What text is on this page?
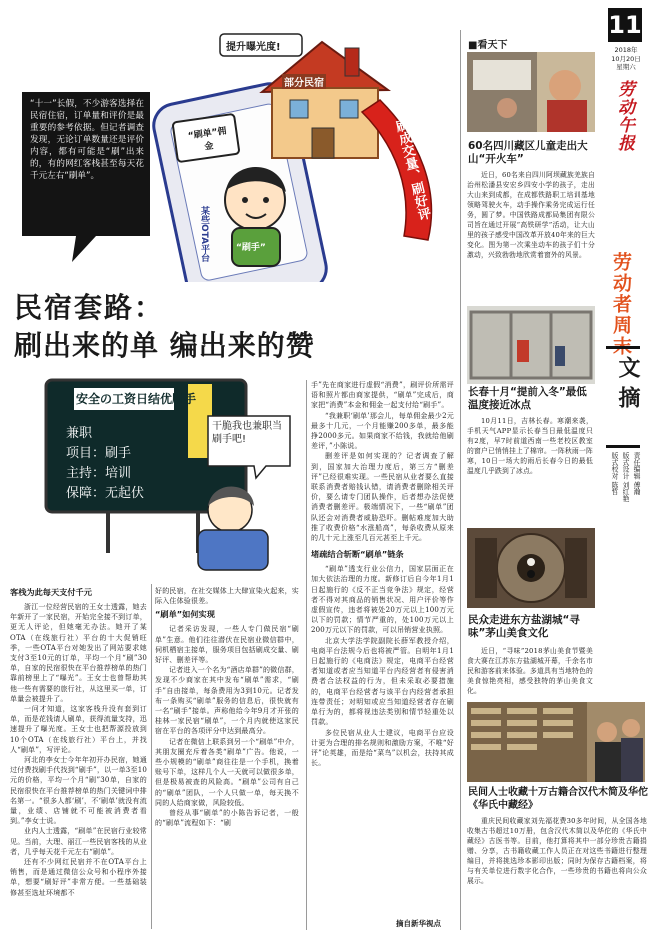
提升曝光度!
部分民宿
刷成交量、刷好评
“刷单”佣金
某些OTA平台	“刷手”
“十一”长假，不少游客选择在民宿住宿，订单量和评价是最重要的参考依据。但记者调查发现，无论订单数量还是评价内容，都有可能是“刷”出来的，有的网红客栈甚至每天花千元左右“刷单”。
民宿套路：
刷出来的单 编出来的赞
安全の工资日结优刷手
兼职
项目：刷手
主持：培训
保障：无起伏
干脆我也兼职当刷手吧!
客栈为此每天支付千元

浙江一位经营民宿的王女士透露，她去年新开了一家民宿，开始完全接不到订单，更无人评论，但她毫无办法。她开了某OTA（在线旅行社）平台的十大促销旺季，一些OTA平台对她发出了网站要求她支付3至10元的订单，平均一个月“刷”30单，自家的民宿很快在平台推荐榜单的热门靠前榜里上了“曝光”。王女士也曾帮助其他一些有需要的旅行社，从这里买一单，订单量会被提升了。

一问才知道，这家客栈升没有套到订单，而是花钱请人刷单，获得流量支持，迅速提升了曝光度。王女士也把帮源投放到10个OTA（在线旅行社）平台上，并找人“刷单”，写评论。

河北的李女士今年年初开办民宿，她通过付费找刷手代找到“刷手”，以一单3至10元的价格，平均一个月“刷”30单，自家的民宿很快在平台推荐榜单的热门关键词中排名第一。“很多人都‘刷’，不‘刷单’就没有流量，业绩、店铺就不可能被消费者看到。”李女士说。

业内人士透露，“刷单”在民宿行业较常见。当前，大理、丽江一些民宿客栈的从业者，几乎每天花千元左右“刷单”。

还有不少网红民宿并不在OTA平台上销售，而是通过微信公众号和小程序外接单，想要“刷好评”非常方便。一些基础装修甚至选址环境都不

好的民宿，在社交媒体上大肆宣染火起来，实际入住体验很差。

“刷单”如何实现

记者采访发现，一些人专门做民宿“刷单”生意。他们往往潜伏在民宿业微信群中，伺机栖宿主接单，服务项目包括刷成交量、刷好评、删差评等。

记者进入一个名为“酒店单群”的微信群，发现不少商家在其中发布“刷单”需求，“刷手”自由接单，每条费用为3到10元。记者发布一条购买“刷单”服务的信息后，很快就有一名“刷手”接单。声称他给今年9月才开张的桂林一家民宿“刷单”，一个月内就使这家民宿在平台的各项评分中达到最高分。

记者在微信上联系到另一个“刷单”中介，其朋友圈充斥着各类“刷单”广告。他说，一些小规模的“刷单”商往往是一个手机，换着账号下单，这样几个人一天就可以做很多单，但是极易被查的风险高。“刷单”公司有自己的“刷单”团队，一个人只做一单，每天换不同的人给商家做，风险较低。

曾经从事“刷单”的小陈告诉记者，一般的“刷单”流程如下：“刷

手”先在商家进行虚假“消费”，刷评价所需评语和照片都由商家提供，“刷单”完成后，商家把“消费”本金和佣金一起支付给“刷手”。

“我兼职‘刷单’那会儿，每单佣金最少2元最多十几元，一个月能赚200多单，最多能挣2000多元。如果商家不给钱，我就给他刷差评，”小陈说。

删差评是如何实现的？记者调查了解到，国家加大治理力度后，第三方“删差评”已经很难实现。一些民宿从业者要么直接联系消费者赔钱认错，请消费者删除相关评价，要么请专门团队操作，后者想办法促使消费者删差评。极端情况下，一些“刷单”团队还会对消费者威胁恐吓。删帖难度加大助推了收费价格“水涨船高”，每条收费从原来的几十元上涨至几百元甚至上千元。

堵疏结合斩断“刷单”链条

“刷单”透支行业公信力，国家层面正在加大依法治理的力度。新修订后自今年1月1日起施行的《反不正当竞争法》规定，经营者不得对其商品的销售状况、用户评价等作虚假宣传，违者将被处20万元以上100万元以下的罚款；情节严重的，处100万元以上200万元以下的罚款，可以吊销营业执照。

北京大学法学院副院长薛军教授介绍，电商平台法规今后也将被严管。自明年1月1日起施行的《电商法》规定，电商平台经营者知道或者应当知道平台内经营者有侵害消费者合法权益的行为，但未采取必要措施的，电商平台经营者与该平台内经营者承担连带责任；对明知或应当知道经营者存在刷单行为的，都将视违法类别和情节轻重处以罚款。

多位民宿从业人士建议，电商平台应设计更为合理的排名规则和激励方案，不唯“好评”论英雄，而是给“菜鸟”以机会，扶持其成长。

摘自新华视点
■看天下
60名四川藏区儿童走出大山“开火车”

近日，60名来自四川阿坝藏族羌族自治州松潘县安宏乡四安小学的孩子，走出大山来到成都，在成都铁路职工培训基地领略驾驶火车，动手操作乘务完成运行任务，圆了梦。中国铁路成都局集团有限公司旨在通过开展“高铁研学”活动，让大山里的孩子感受中国改革开放40年来的巨大变化。图为第一次乘坐动车的孩子们十分激动，兴致勃勃地欣赏着窗外的风景。

长春十月“提前入冬”最低温度接近冰点

10月11日，吉林长春。寒潮来袭，手机天气APP显示长春当日最低温度只有2度，早7时前道西南一些老校区教室的窗户已悄悄挂上了棉帘。一阵秋雨一阵寒，10日一场大的雨后长春今日的最低温度几乎跌到了冰点。

民众走进东方盐湖城“寻味”茅山美食文化

近日，“寻味”2018茅山美食节暨美食大赛在江苏东方盐湖城开幕，千余名市民和游客前来体验。多道具有当地特色的美食惊艳亮相，感受独特的茅山美食文化。

民间人士收藏十万古籍合汉代木简及华佗《华氏中藏经》

重庆民间收藏家刘先福花费30多年时间，从全国各地收集古书超过10万册，包含汉代木简以及华佗的《华氏中藏经》古医书等。目前，他打算将其中一部分珍贵古籍捐赠、分享，古书籍收藏工作人员正在对这些书籍进行整理编目，并将挑选珍本影印出版；同时为保存古籍档案，将与有关单位进行数字化合作，一些珍贵的书籍也将向公众展示。

11
2018年
10月20日
星期六
劳动午报
劳动者周末
文摘
责任编辑 傅瀚
版式设计 刘红艳
版式校对 陈哲
